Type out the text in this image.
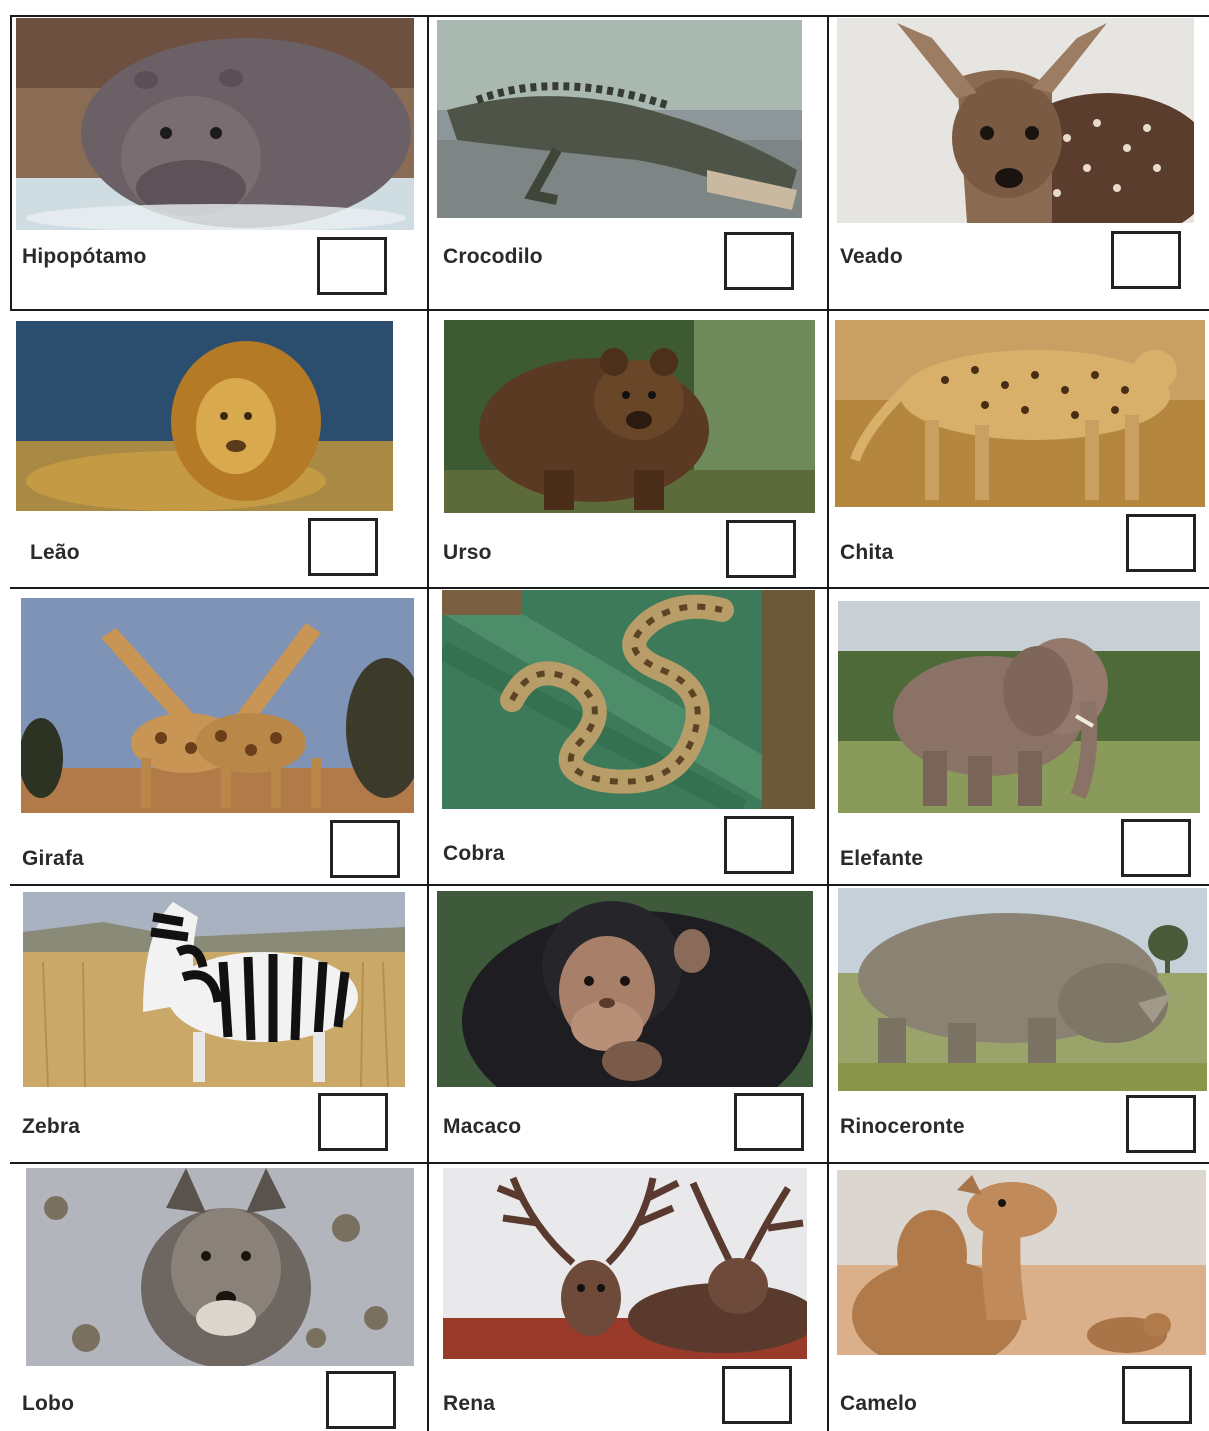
Hipopótamo	Crocodilo	Veado
Leão	Urso	Chita
Girafa	Cobra	Elefante
Zebra	Macaco	Rinoceronte
Lobo	Rena	Camelo
